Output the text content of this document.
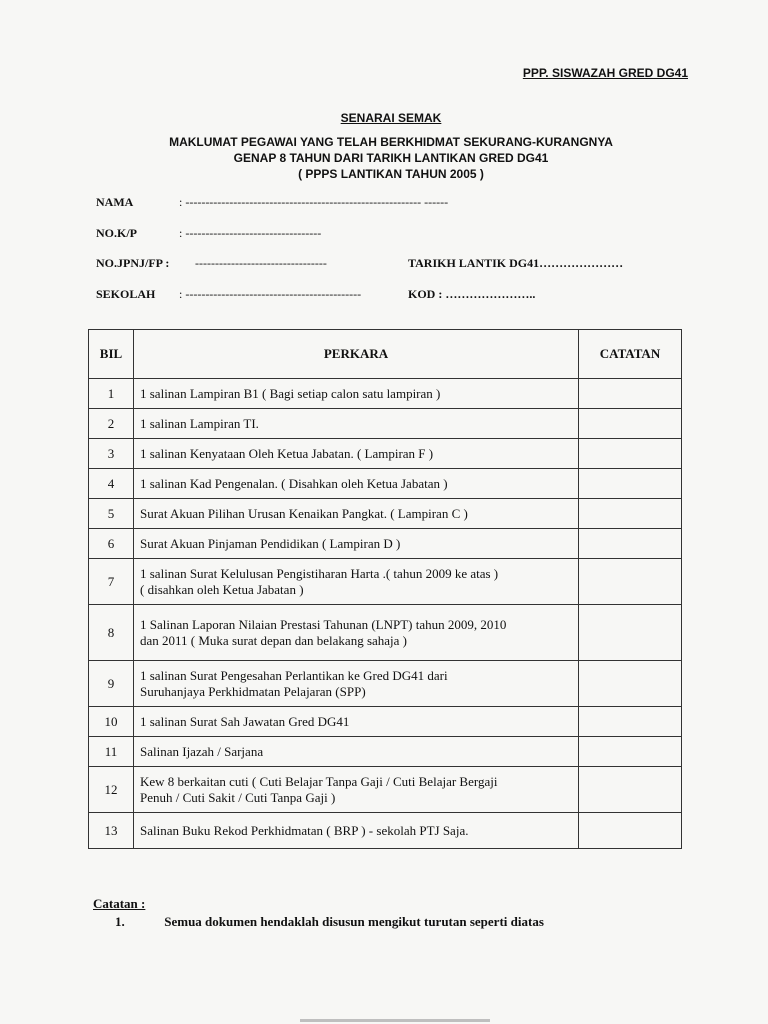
PPP. SISWAZAH GRED DG41
SENARAI SEMAK
MAKLUMAT PEGAWAI YANG TELAH BERKHIDMAT SEKURANG-KURANGNYA
GENAP 8 TAHUN DARI TARIKH LANTIKAN GRED DG41
( PPPS LANTIKAN TAHUN 2005 )
NAMA	: ----------------------------------------------------------- ------
NO.K/P	: ----------------------------------
NO.JPNJ/FP : ---------------------------------	TARIKH LANTIK DG41…………………
SEKOLAH : --------------------------------------------	KOD : …………………..
BIL	PERKARA	CATATAN
1	1 salinan Lampiran B1 ( Bagi setiap calon satu lampiran )	

2	1 salinan Lampiran TI.	

3	1 salinan Kenyataan Oleh Ketua Jabatan. ( Lampiran F )	

4	1 salinan Kad Pengenalan. ( Disahkan oleh Ketua Jabatan )	

5	Surat Akuan Pilihan Urusan Kenaikan Pangkat. ( Lampiran C )	

6	Surat Akuan Pinjaman Pendidikan ( Lampiran D )	

7	1 salinan Surat Kelulusan Pengistiharan Harta .( tahun 2009 ke atas )
( disahkan oleh Ketua Jabatan )	

8	1 Salinan Laporan Nilaian Prestasi Tahunan (LNPT) tahun 2009, 2010
dan 2011 ( Muka surat depan dan belakang sahaja )	

9	1 salinan Surat Pengesahan Perlantikan ke Gred DG41 dari
Suruhanjaya Perkhidmatan Pelajaran (SPP)	

10	1 salinan Surat Sah Jawatan Gred DG41	

11	Salinan Ijazah / Sarjana	

12	Kew 8 berkaitan cuti ( Cuti Belajar Tanpa Gaji / Cuti Belajar Bergaji
Penuh / Cuti Sakit / Cuti Tanpa Gaji )	

13	Salinan Buku Rekod Perkhidmatan ( BRP ) - sekolah PTJ Saja.	

Catatan :
1.	Semua dokumen hendaklah disusun mengikut turutan seperti diatas
